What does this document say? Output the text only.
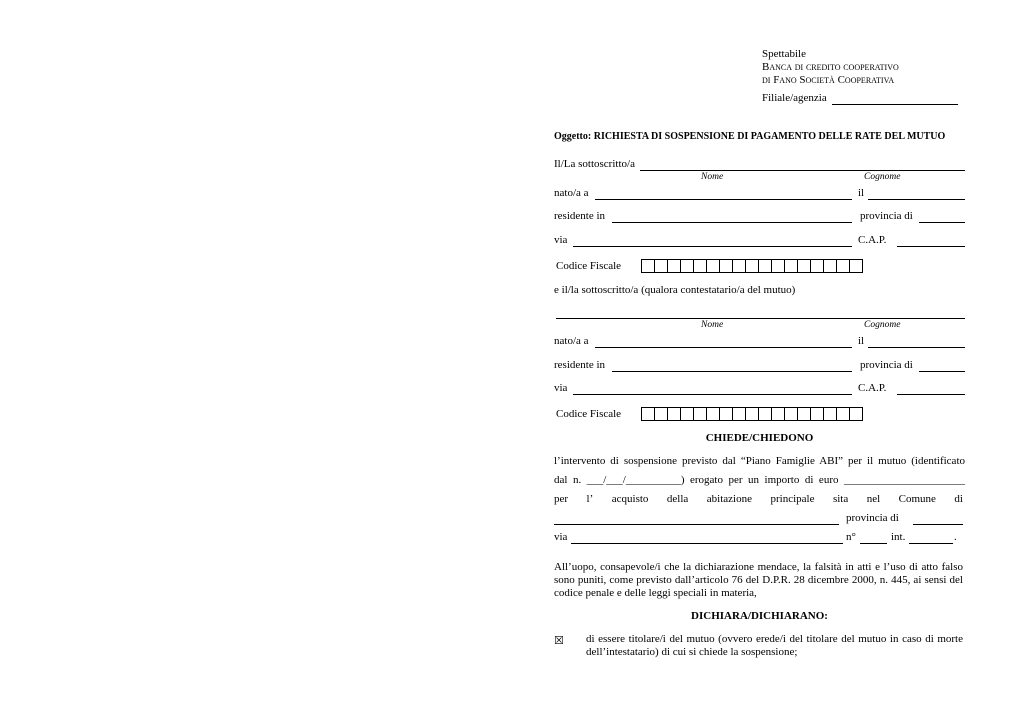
Spettabile
Banca di credito cooperativo
di Fano Società Cooperativa
Filiale/agenzia
Oggetto: RICHIESTA DI SOSPENSIONE DI PAGAMENTO DELLE RATE DEL MUTUO
Il/La sottoscritto/a
Nome	Cognome
nato/a a	il
residente in	provincia di
via	C.A.P.
Codice Fiscale
e il/la sottoscritto/a (qualora contestatario/a del mutuo)
Nome	Cognome
nato/a a	il
residente in	provincia di
via	C.A.P.
Codice Fiscale
CHIEDE/CHIEDONO
l’intervento di sospensione previsto dal “Piano Famiglie ABI” per il mutuo (identificato
dal n. ___/___/__________) erogato per un importo di euro ______________________
per l’ acquisto della abitazione principale sita nel Comune di
provincia di
via	n°	int.	.
All’uopo, consapevole/i che la dichiarazione mendace, la falsità in atti e l’uso di atto falso sono puniti, come previsto dall’articolo 76 del D.P.R. 28 dicembre 2000, n. 445, ai sensi del codice penale e delle leggi speciali in materia,
DICHIARA/DICHIARANO:
☒ di essere titolare/i del mutuo (ovvero erede/i del titolare del mutuo in caso di morte dell’intestatario) di cui si chiede la sospensione;
